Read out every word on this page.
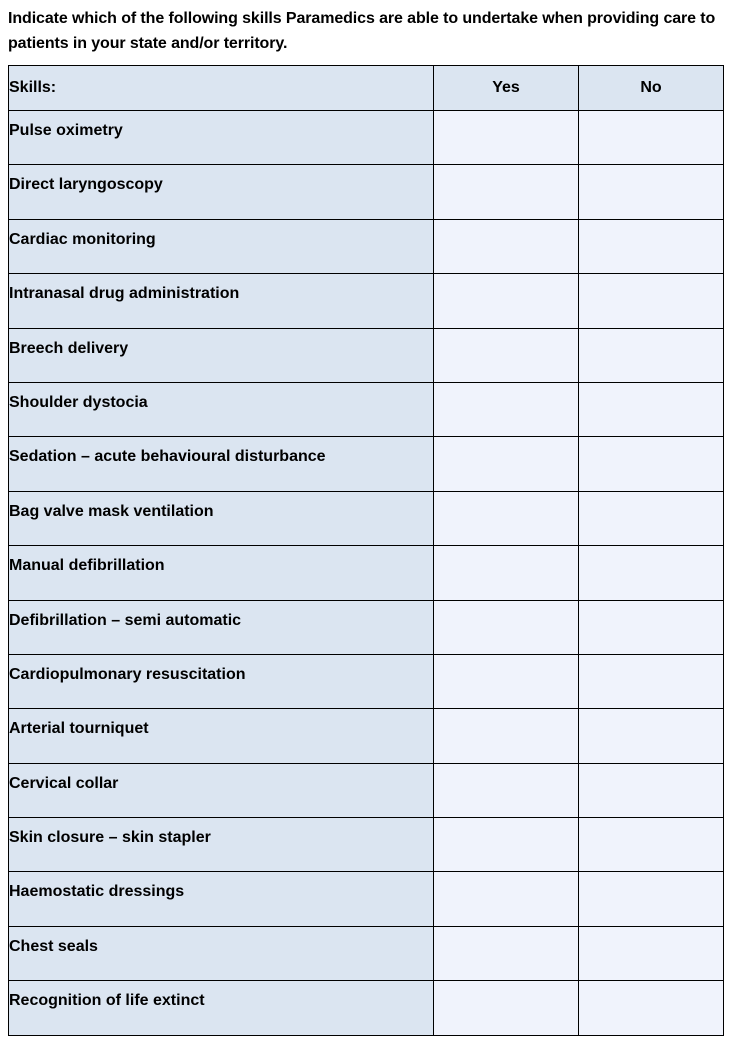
Indicate which of the following skills Paramedics are able to undertake when providing care to patients in your state and/or territory.
Skills:	Yes	No

Pulse oximetry		

Direct laryngoscopy		

Cardiac monitoring		

Intranasal drug administration		

Breech delivery		

Shoulder dystocia		

Sedation – acute behavioural disturbance		

Bag valve mask ventilation		

Manual defibrillation		

Defibrillation – semi automatic		

Cardiopulmonary resuscitation		

Arterial tourniquet		

Cervical collar		

Skin closure – skin stapler		

Haemostatic dressings		

Chest seals		

Recognition of life extinct		
